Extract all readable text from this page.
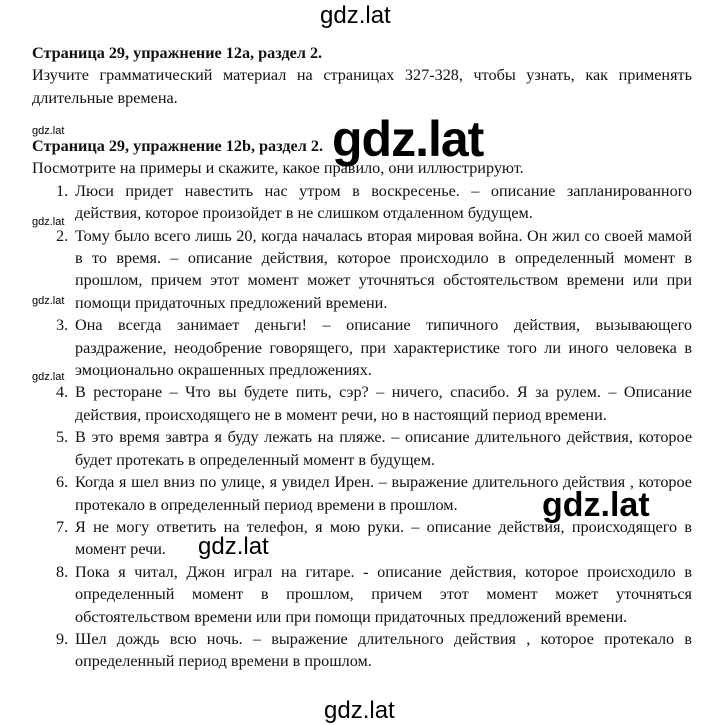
gdz.lat
gdz.lat
gdz.lat
gdz.lat
gdz.lat
gdz.lat
gdz.lat
gdz.lat
gdz.lat

Страница 29, упражнение 12a, раздел 2.

Изучите грамматический материал на страницах 327-328, чтобы узнать, как применять длительные времена.

Страница 29, упражнение 12b, раздел 2.

Посмотрите на примеры и скажите, какое правило, они иллюстрируют.

1. Люси придет навестить нас утром в воскресенье. – описание запланированного действия, которое произойдет в не слишком отдаленном будущем.
2. Тому было всего лишь 20, когда началась вторая мировая война. Он жил со своей мамой в то время. – описание действия, которое происходило в определенный момент в прошлом, причем этот момент может уточняться обстоятельством времени или при помощи придаточных предложений времени.
3. Она всегда занимает деньги! – описание типичного действия, вызывающего раздражение, неодобрение говорящего, при характеристике того ли иного человека в эмоционально окрашенных предложениях.
4. В ресторане – Что вы будете пить, сэр? – ничего, спасибо. Я за рулем. – Описание действия, происходящего не в момент речи, но в настоящий период времени.
5. В это время завтра я буду лежать на пляже. – описание длительного действия, которое будет протекать в определенный момент в будущем.
6. Когда я шел вниз по улице, я увидел Ирен. – выражение длительного действия , которое протекало в определенный период времени в прошлом.
7. Я не могу ответить на телефон, я мою руки. – описание действия, происходящего в момент речи.
8. Пока я читал, Джон играл на гитаре. - описание действия, которое происходило в определенный момент в прошлом, причем этот момент может уточняться обстоятельством времени или при помощи придаточных предложений времени.
9. Шел дождь всю ночь. – выражение длительного действия , которое протекало в определенный период времени в прошлом.
